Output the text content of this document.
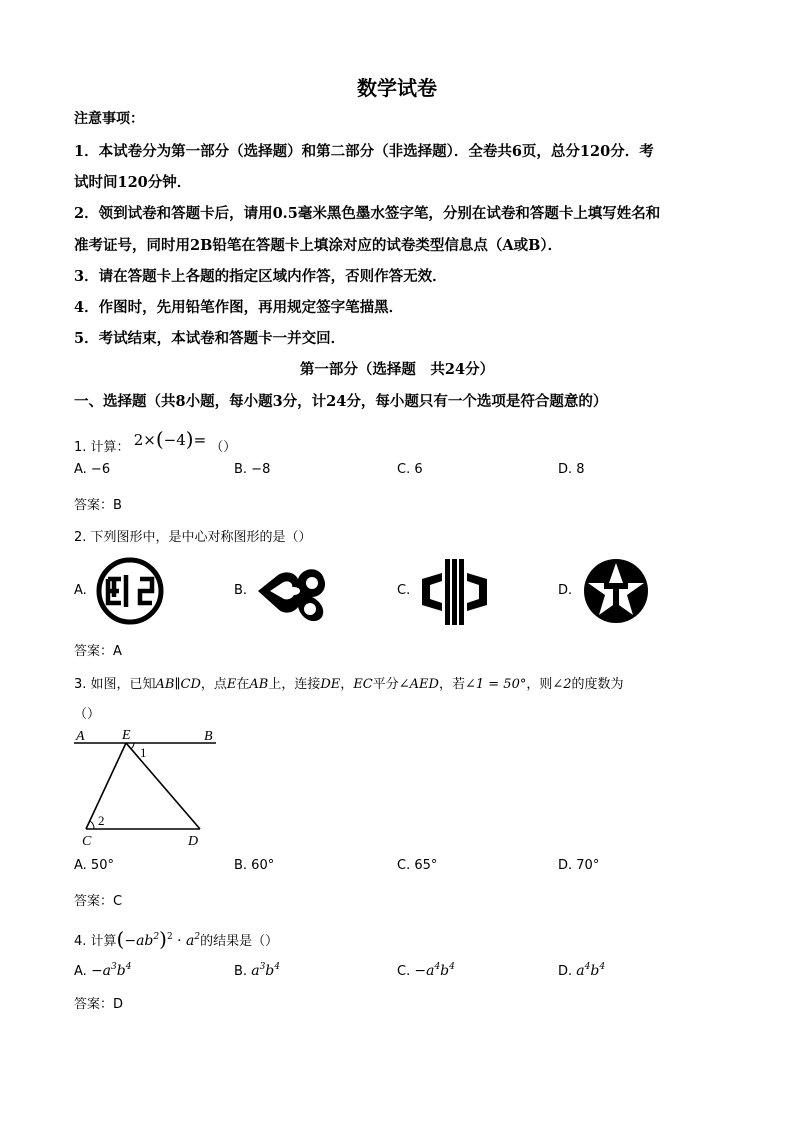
数学试卷
注意事项：
1．本试卷分为第一部分（选择题）和第二部分（非选择题）．全卷共6页，总分120分．考
试时间120分钟．
2．领到试卷和答题卡后，请用0.5毫米黑色墨水签字笔，分别在试卷和答题卡上填写姓名和
准考证号，同时用2B铅笔在答题卡上填涂对应的试卷类型信息点（A或B）．
3．请在答题卡上各题的指定区域内作答，否则作答无效．
4．作图时，先用铅笔作图，再用规定签字笔描黑．
5．考试结束，本试卷和答题卡一并交回．
第一部分（选择题　共24分）
一、选择题（共8小题，每小题3分，计24分，每小题只有一个选项是符合题意的）
1. 计算： 2×(−4)= （）
A. −6	B. −8	C. 6	D. 8
答案：B
2. 下列图形中，是中心对称图形的是（）
A.	B.	C.	D.
答案：A
3. 如图，已知AB∥CD，点E在AB上，连接DE，EC平分∠AED，若∠1 = 50°，则∠2的度数为
（）
A	E	B
C	D
1
2
A. 50°	B. 60°	C. 65°	D. 70°
答案：C
4. 计算$(-ab^2)^2 \cdot a^2$的结果是（）
A. $-a^3b^4$	B. $a^3b^4$	C. $-a^4b^4$	D. $a^4b^4$
答案：D
